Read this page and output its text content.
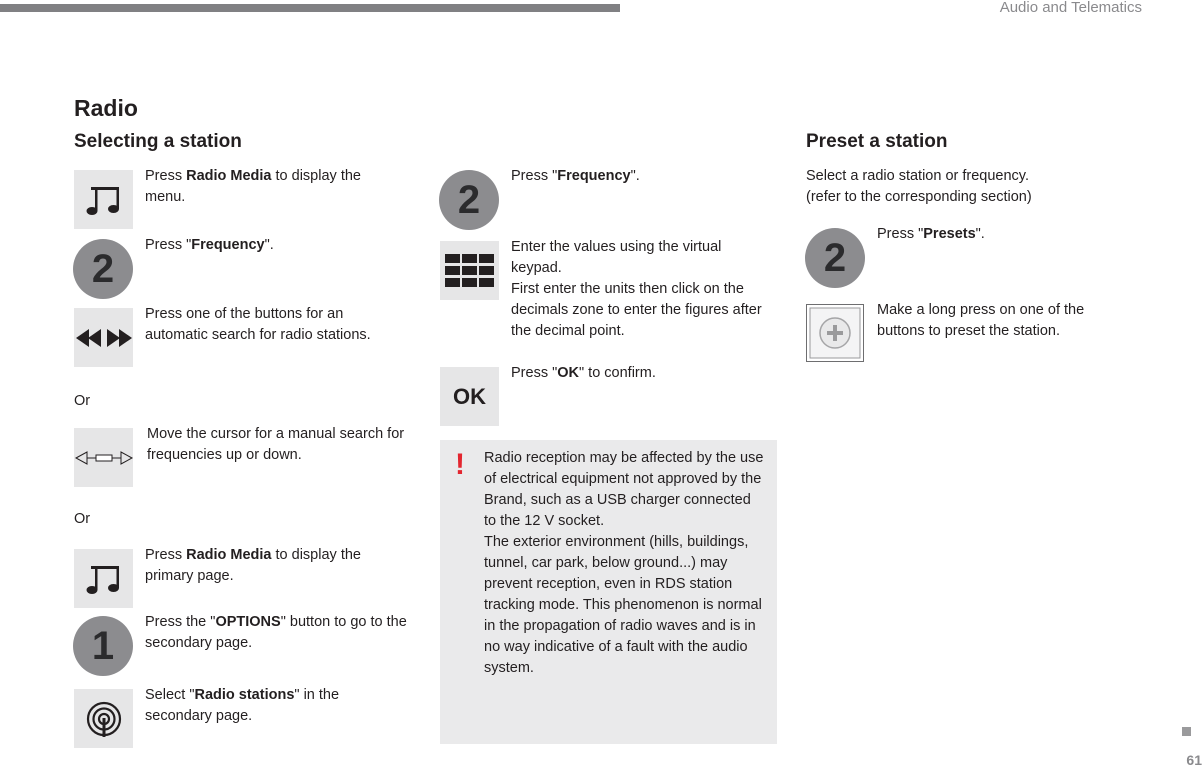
Audio and Telematics
Radio
Selecting a station
Press Radio Media to display the menu.
2
Press "Frequency".
Press one of the buttons for an automatic search for radio stations.
Or
Move the cursor for a manual search for frequencies up or down.
Or
Press Radio Media to display the primary page.
1
Press the "OPTIONS" button to go to the secondary page.
Select "Radio stations" in the secondary page.
2
Press "Frequency".
Enter the values using the virtual keypad.
First enter the units then click on the decimals zone to enter the figures after the decimal point.
OK
Press "OK" to confirm.
! Radio reception may be affected by the use of electrical equipment not approved by the Brand, such as a USB charger connected to the 12 V socket.
The exterior environment (hills, buildings, tunnel, car park, below ground...) may prevent reception, even in RDS station tracking mode. This phenomenon is normal in the propagation of radio waves and is in no way indicative of a fault with the audio system.
Preset a station
Select a radio station or frequency.
(refer to the corresponding section)
2
Press "Presets".
Make a long press on one of the buttons to preset the station.
61
